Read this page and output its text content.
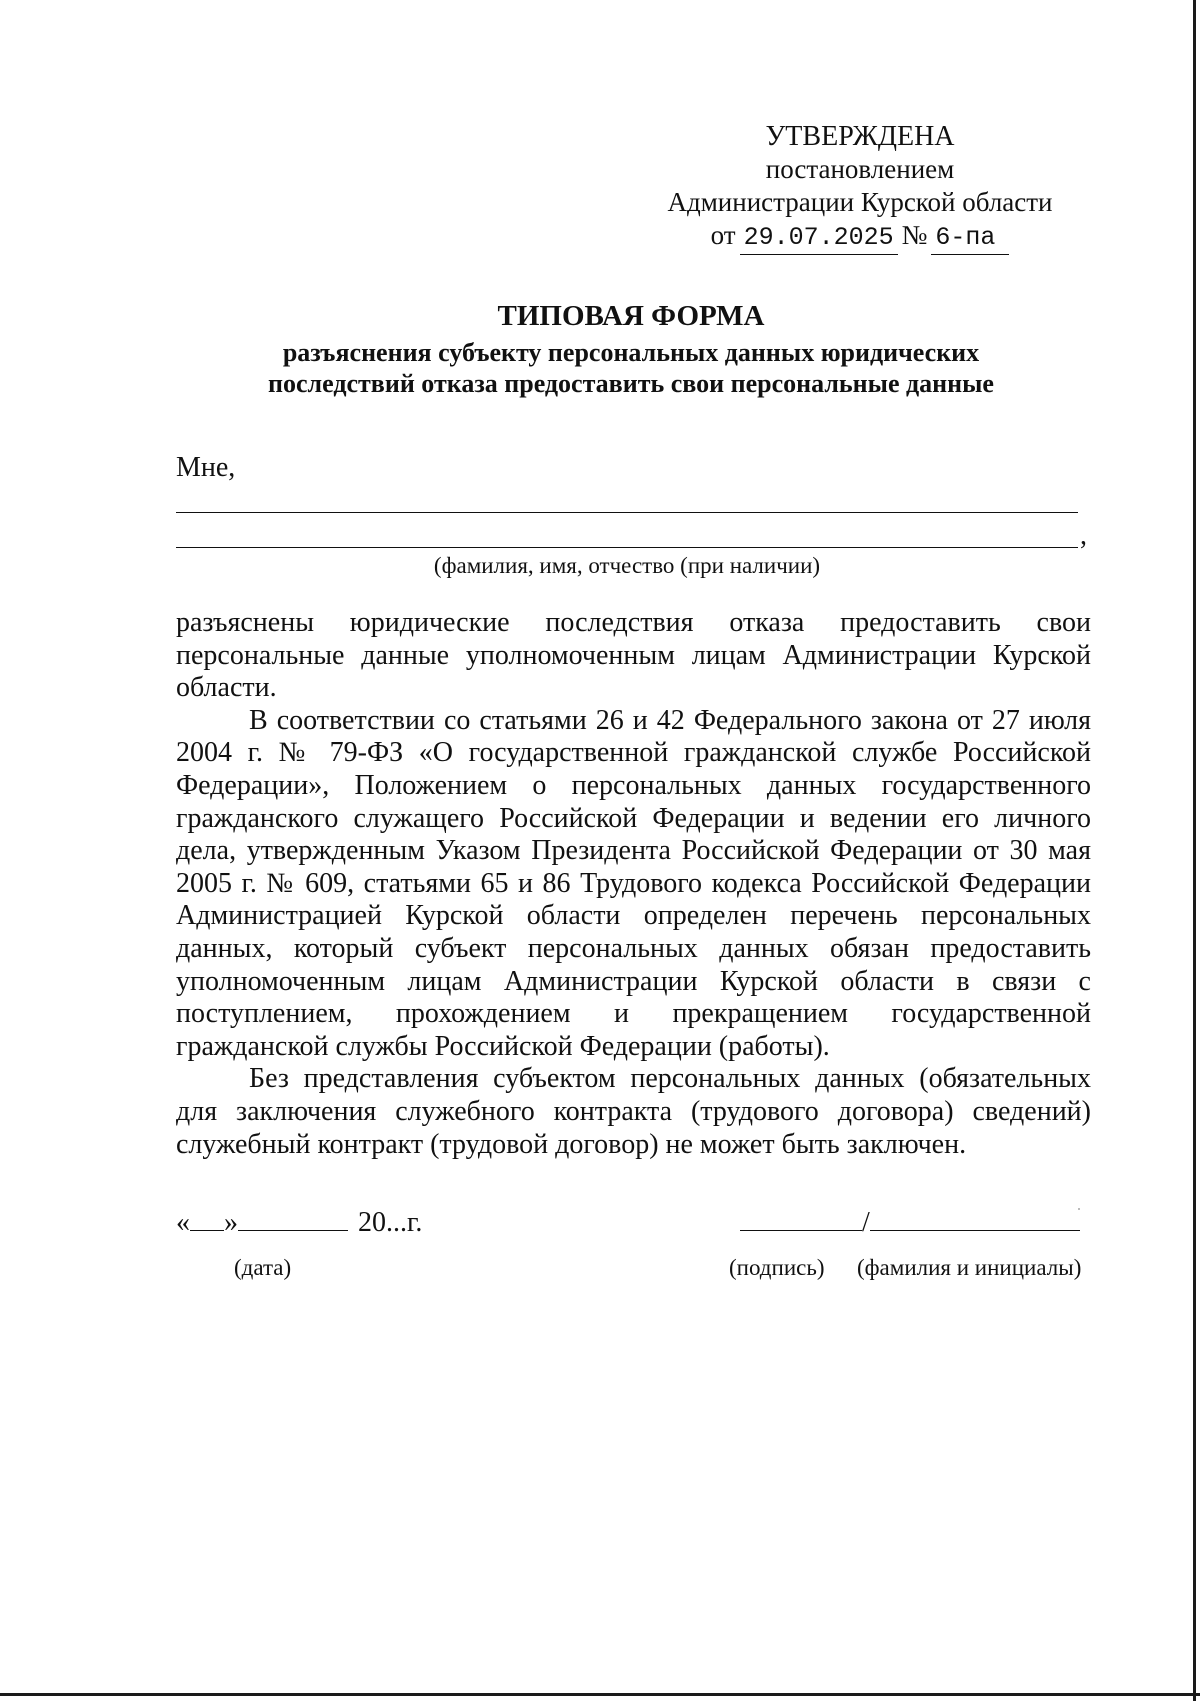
УТВЕРЖДЕНА
постановлением
Администрации Курской области
от 29.07.2025 № 6-па
ТИПОВАЯ ФОРМА
разъяснения субъекту персональных данных юридических
последствий отказа предоставить свои персональные данные
Мне,
,
(фамилия, имя, отчество (при наличии)

разъяснены юридические последствия отказа предоставить свои персональные данные уполномоченным лицам Администрации Курской области.

В соответствии со статьями 26 и 42 Федерального закона от 27 июля 2004 г. № 79-ФЗ «О государственной гражданской службе Российской Федерации», Положением о персональных данных государственного гражданского служащего Российской Федерации и ведении его личного дела, утвержденным Указом Президента Российской Федерации от 30 мая 2005 г. № 609, статьями 65 и 86 Трудового кодекса Российской Федерации Администрацией Курской области определен перечень персональных данных, который субъект персональных данных обязан предоставить уполномоченным лицам Администрации Курской области в связи с поступлением, прохождением и прекращением государственной гражданской службы Российской Федерации (работы).

Без представления субъектом персональных данных (обязательных для заключения служебного контракта (трудового договора) сведений) служебный контракт (трудовой договор) не может быть заключен.

« »	20...г.	/
(дата)	(подпись) (фамилия и инициалы)
